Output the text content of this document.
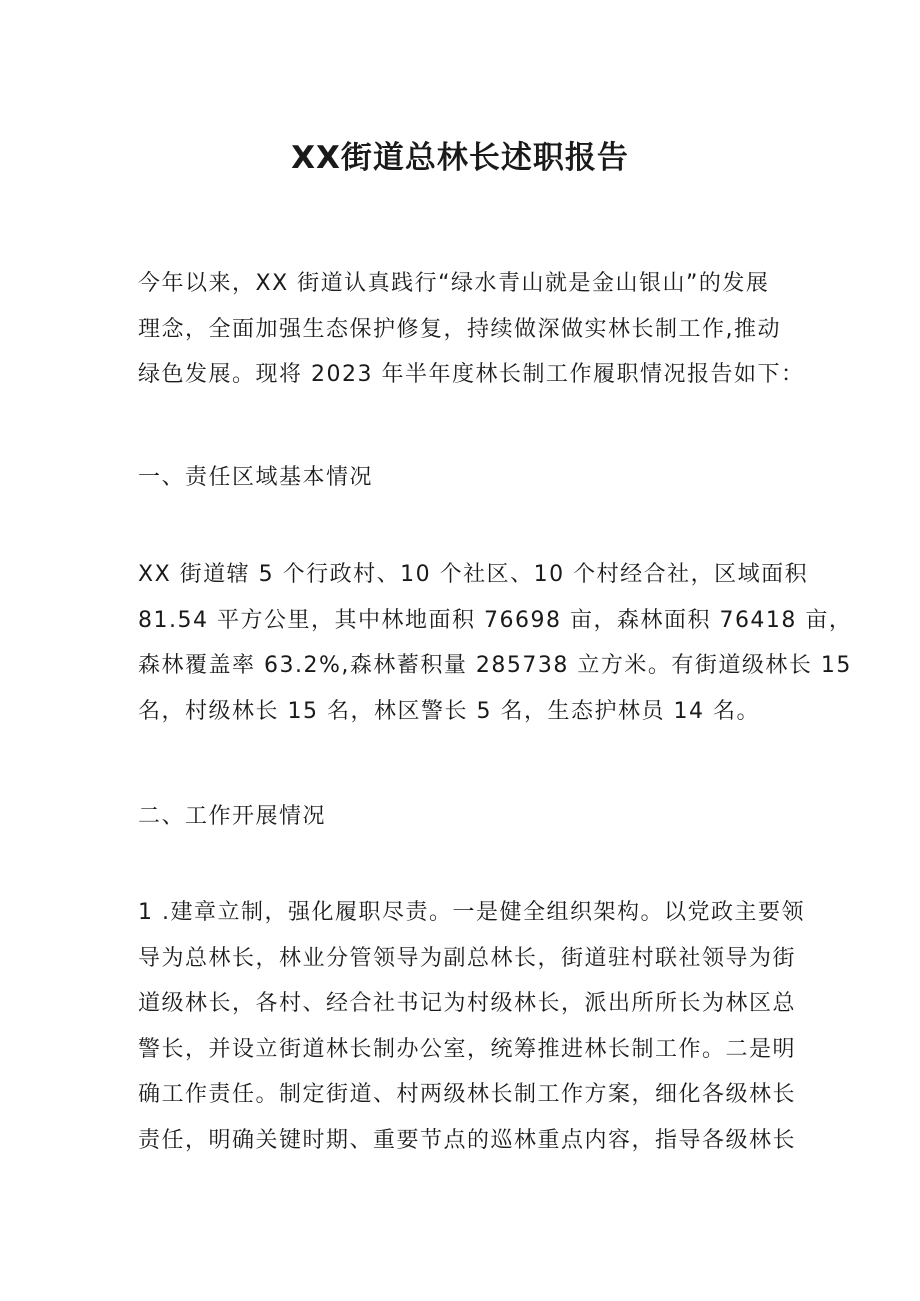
XX街道总林长述职报告
今年以来，XX 街道认真践行“绿水青山就是金山银山”的发展
理念，全面加强生态保护修复，持续做深做实林长制工作,推动
绿色发展。现将 2023 年半年度林长制工作履职情况报告如下：
一、责任区域基本情况
XX 街道辖 5 个行政村、10 个社区、10 个村经合社，区域面积
81.54 平方公里，其中林地面积 76698 亩，森林面积 76418 亩，
森林覆盖率 63.2%,森林蓄积量 285738 立方米。有街道级林长 15
名，村级林长 15 名，林区警长 5 名，生态护林员 14 名。
二、工作开展情况
1 .建章立制，强化履职尽责。一是健全组织架构。以党政主要领
导为总林长，林业分管领导为副总林长，街道驻村联社领导为街
道级林长，各村、经合社书记为村级林长，派出所所长为林区总
警长，并设立街道林长制办公室，统筹推进林长制工作。二是明
确工作责任。制定街道、村两级林长制工作方案，细化各级林长
责任，明确关键时期、重要节点的巡林重点内容，指导各级林长
